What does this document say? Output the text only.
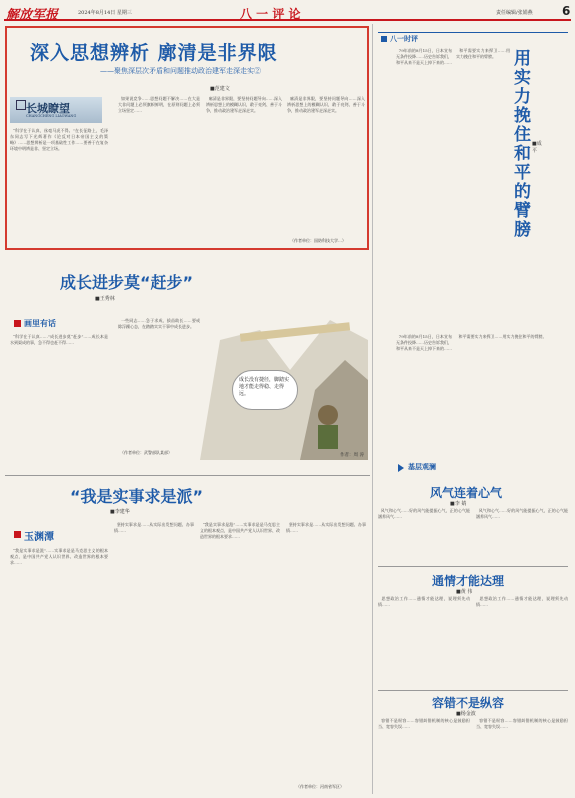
解放军报	2024年8月14日 星期三	八 一 评 论	责任编辑/张娟燕 6
深入思想辨析 廓清是非界限
——聚焦深层次矛盾和问题推动政治建军走深走实②
■范建文
长城瞭望
CHANGCHENG LIAOWANG
“科学在于认真，丝毫马虎不得。”在长征路上，毛泽东同志写下光辉著作《论反对日本帝国主义的策略》……思想辨析是一项基础性工作……要善于在复杂环境中明辨是非、坚定立场。
如果说竞争……思想问题不解决……在大是大非问题上必须旗帜鲜明，在原则问题上必须立场坚定……
廓清是非界限，要坚持问题导向……深入辨析思想上的模糊认识，敢于亮剑、善于斗争，推动政治建军走深走实。
廓清是非界限，要坚持问题导向……深入辨析思想上的模糊认识，敢于亮剑、善于斗争，推动政治建军走深走实。
（作者单位：国防科技大学…）
成长进步莫“赶步”
■王秀林
画里有话
“科学在于认真……”成长进步莫“赶步”……成长本是水到渠成的事，急不得也赶不得……
一些同志……急于求成、拔苗助长……要戒除浮躁心态，在踏踏实实干事中成长进步。
（作者单位：武警部队某部）
成长没有捷径，脚踏实地才能走得稳、走得远。
作者：周 涛
“我是实事求是派”
■李建华
玉渊潭
“我是实事求是派”……实事求是是马克思主义的根本观点，是中国共产党人认识世界、改造世界的根本要求……
坚持实事求是……从实际出发想问题、办事情……
“我是实事求是派”……实事求是是马克思主义的根本观点，是中国共产党人认识世界、改造世界的根本要求……
坚持实事求是……从实际出发想问题、办事情……
（作者单位：河南省军区）
八一时评
79年前的8月15日，日本宣布无条件投降……历史告诉我们，和平从来不是天上掉下来的……
和平需要实力来捍卫……用实力挽住和平的臂膀。	用实力挽住和平的臂膀
■成 平
和平需要实力来捍卫……用实力挽住和平的臂膀。
79年前的8月15日，日本宣布无条件投降……历史告诉我们，和平从来不是天上掉下来的……
基层观澜
风气连着心气
■李 婧
风气和心气……好的风气能提振心气，正的心气能涵养风气……
风气和心气……好的风气能提振心气，正的心气能涵养风气……
通情才能达理
■黄 伟
思想政治工作……通情才能达理，说理须先动情……
思想政治工作……通情才能达理，说理须先动情……
容错不是纵容
■杨金波
容错不是纵容……容错纠错机制的核心是鼓励担当、宽容失误……
容错不是纵容……容错纠错机制的核心是鼓励担当、宽容失误……
